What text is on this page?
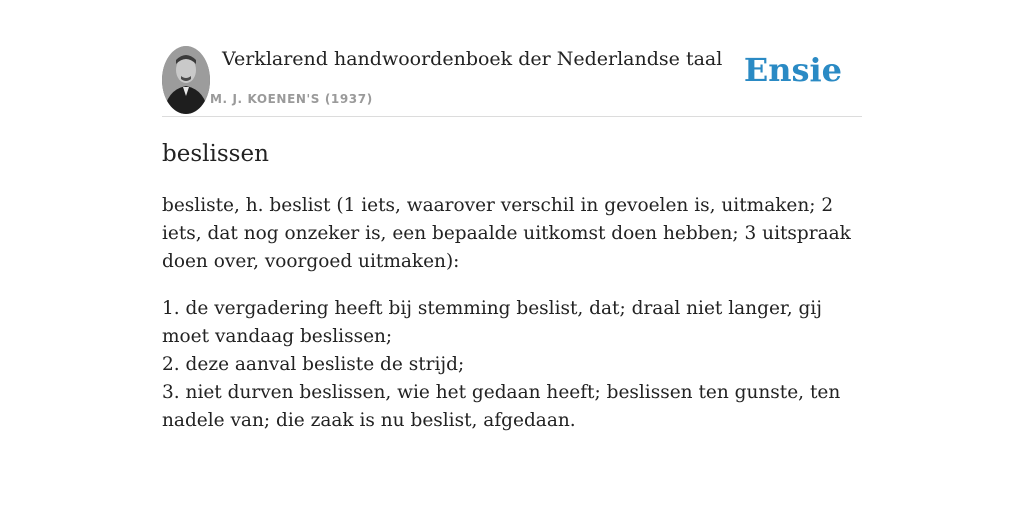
Verklarend handwoordenboek der Nederlandse taal
M. J. KOENEN'S (1937)
Ensie
beslissen

besliste, h. beslist (1 iets, waarover verschil in gevoelen is, uitmaken; 2 iets, dat nog onzeker is, een bepaalde uitkomst doen hebben; 3 uitspraak doen over, voorgoed uitmaken):

1. de vergadering heeft bij stemming beslist, dat; draal niet langer, gij moet vandaag beslissen;
2. deze aanval besliste de strijd;
3. niet durven beslissen, wie het gedaan heeft; beslissen ten gunste, ten nadele van; die zaak is nu beslist, afgedaan.
